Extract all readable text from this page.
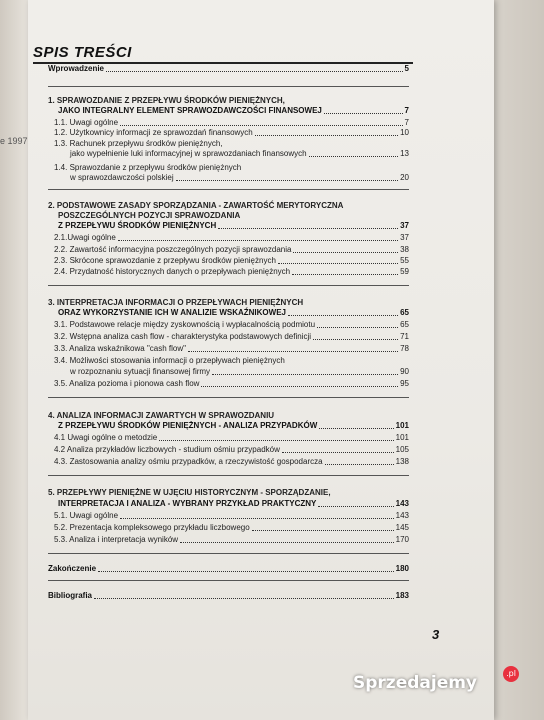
e 1997
SPIS TREŚCI
Wprowadzenie	5
1. SPRAWOZDANIE Z PRZEPŁYWU ŚRODKÓW PIENIĘŻNYCH,
JAKO INTEGRALNY ELEMENT SPRAWOZDAWCZOŚCI FINANSOWEJ	7
1.1. Uwagi ogólne	7
1.2. Użytkownicy informacji ze sprawozdań finansowych	10
1.3. Rachunek przepływu środków pieniężnych,
jako wypełnienie luki informacyjnej w sprawozdaniach finansowych	13
1.4. Sprawozdanie z przepływu środków pieniężnych
w sprawozdawczości polskiej	20
2. PODSTAWOWE ZASADY SPORZĄDZANIA - ZAWARTOŚĆ MERYTORYCZNA
POSZCZEGÓLNYCH POZYCJI SPRAWOZDANIA
Z PRZEPŁYWU ŚRODKÓW PIENIĘŻNYCH	37
2.1.Uwagi ogólne	37
2.2. Zawartość informacyjna poszczególnych pozycji sprawozdania	38
2.3. Skrócone sprawozdanie z przepływu środków pieniężnych	55
2.4. Przydatność historycznych danych o przepływach pieniężnych	59
3. INTERPRETACJA INFORMACJI O PRZEPŁYWACH PIENIĘŻNYCH
ORAZ WYKORZYSTANIE ICH W ANALIZIE WSKAŹNIKOWEJ	65
3.1. Podstawowe relacje między zyskownością i wypłacalnością podmiotu	65
3.2. Wstępna analiza cash flow - charakterystyka podstawowych definicji	71
3.3. Analiza wskaźnikowa "cash flow"	78
3.4. Możliwości stosowania informacji o przepływach pieniężnych
w rozpoznaniu sytuacji finansowej firmy	90
3.5. Analiza pozioma i pionowa cash flow	95
4. ANALIZA INFORMACJI ZAWARTYCH W SPRAWOZDANIU
Z PRZEPŁYWU ŚRODKÓW PIENIĘŻNYCH - ANALIZA PRZYPADKÓW	101
4.1 Uwagi ogólne o metodzie	101
4.2 Analiza przykładów liczbowych - studium ośmiu przypadków	105
4.3. Zastosowania analizy ośmiu przypadków, a rzeczywistość gospodarcza	138
5. PRZEPŁYWY PIENIĘŻNE W UJĘCIU HISTORYCZNYM - SPORZĄDZANIE,
INTERPRETACJA I ANALIZA - WYBRANY PRZYKŁAD PRAKTYCZNY	143
5.1. Uwagi ogólne	143
5.2. Prezentacja kompleksowego przykładu liczbowego	145
5.3. Analiza i interpretacja wyników	170
Zakończenie	180
Bibliografia	183
3
Sprzedajemy	.pl
